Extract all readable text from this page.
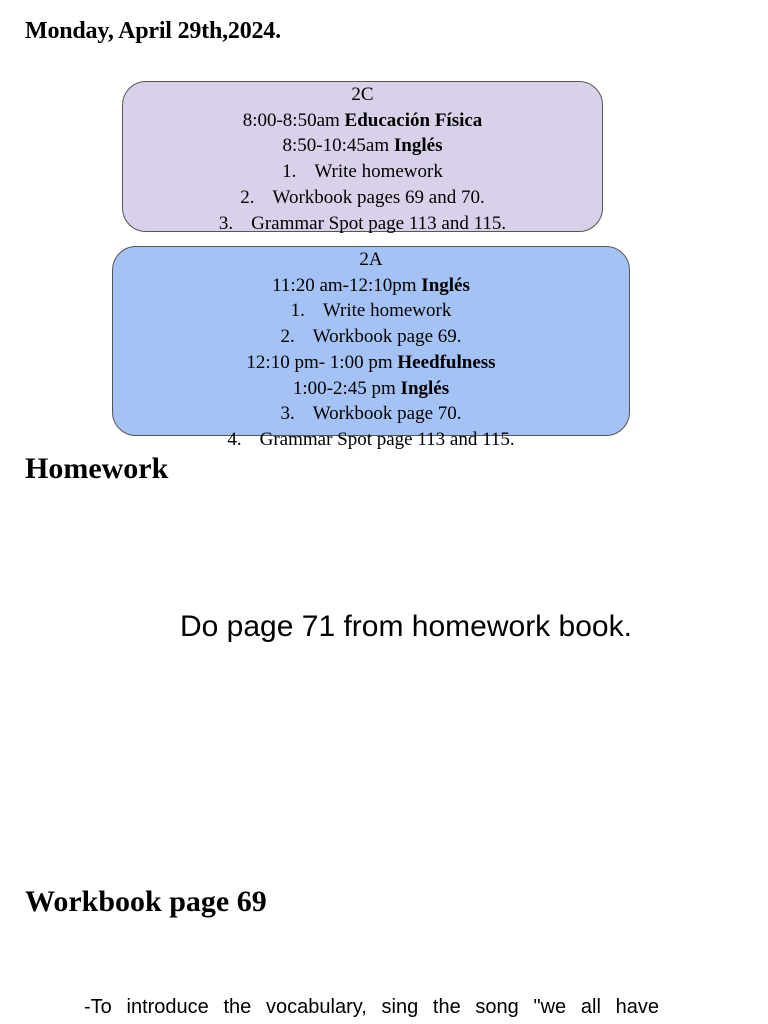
Monday, April 29th,2024.
2C
8:00-8:50am Educación Física
8:50-10:45am Inglés
1. Write homework
2. Workbook pages 69 and 70.
3. Grammar Spot page 113 and 115.
2A
11:20 am-12:10pm Inglés
1. Write homework
2. Workbook page 69.
12:10 pm- 1:00 pm Heedfulness
1:00-2:45 pm Inglés
3. Workbook page 70.
4. Grammar Spot page 113 and 115.
Homework
Do page 71 from homework book.
Workbook page 69
-To introduce the vocabulary, sing the song "we all have
